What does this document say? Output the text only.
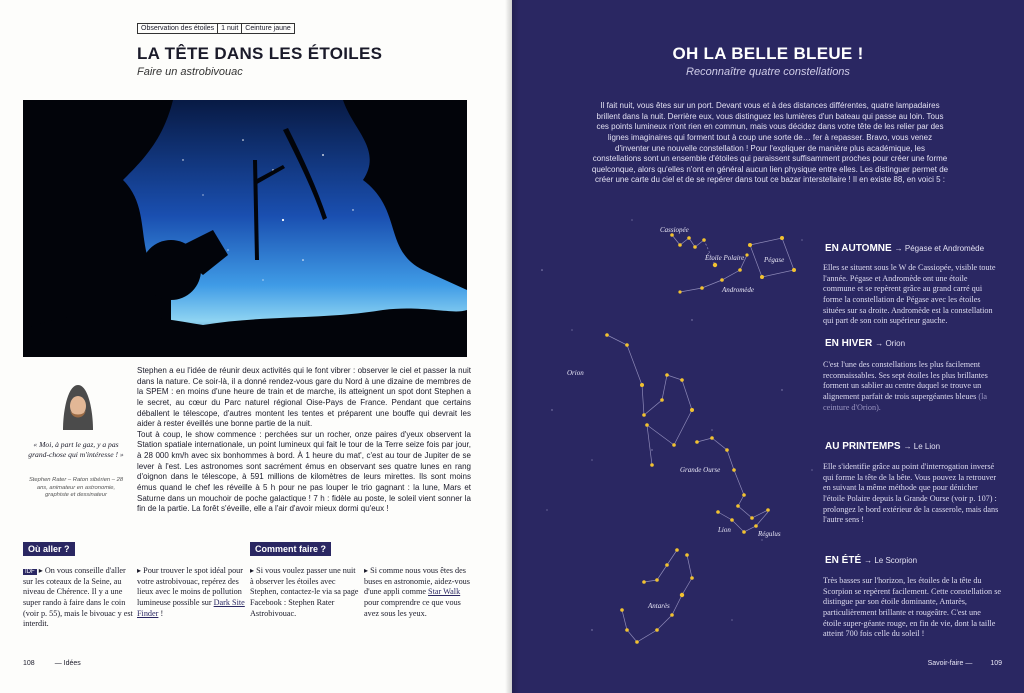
Observation des étoiles	1 nuit	Ceinture jaune
LA TÊTE DANS LES ÉTOILES
Faire un astrobivouac
« Moi, à part le gaz, y a pas grand-chose qui m'intéresse ! »
Stephen Rater – Raton sibérien – 28 ans, animateur en astronomie, graphiste et dessinateur

Stephen a eu l'idée de réunir deux activités qui le font vibrer : observer le ciel et passer la nuit dans la nature. Ce soir-là, il a donné rendez-vous gare du Nord à une dizaine de membres de la SPEM : en moins d'une heure de train et de marche, ils atteignent un spot dont Stephen a le secret, au cœur du Parc naturel régional Oise-Pays de France. Pendant que certains déballent le télescope, d'autres montent les tentes et préparent une bouffe qui devrait les aider à rester éveillés une bonne partie de la nuit.

Tout à coup, le show commence : perchées sur un rocher, onze paires d'yeux observent la Station spatiale internationale, un point lumineux qui fait le tour de la Terre seize fois par jour, à 28 000 km/h avec six bonhommes à bord. À 1 heure du mat', c'est au tour de Jupiter de se lever à l'est. Les astronomes sont sacrément émus en observant ses quatre lunes en rang d'oignon dans le télescope, à 591 millions de kilomètres de leurs mirettes. Ils sont moins émus quand le chef les réveille à 5 h pour ne pas louper le trio gagnant : la lune, Mars et Saturne dans un mouchoir de poche galactique ! 7 h : fidèle au poste, le soleil vient sonner la fin de la partie. La forêt s'éveille, elle a l'air d'avoir mieux dormi qu'eux !

Où aller ?
IDF ▸ On vous conseille d'aller sur les coteaux de la Seine, au niveau de Chérence. Il y a une super rando à faire dans le coin (voir p. 55), mais le bivouac y est interdit.
▸ Pour trouver le spot idéal pour votre astrobivouac, repérez des lieux avec le moins de pollution lumineuse possible sur Dark Site Finder !
Comment faire ?
▸ Si vous voulez passer une nuit à observer les étoiles avec Stephen, contactez-le via sa page Facebook : Stephen Rater Astrobivouac.
▸ Si comme nous vous êtes des buses en astronomie, aidez-vous d'une appli comme Star Walk pour comprendre ce que vous avez sous les yeux.
108	— Idées
OH LA BELLE BLEUE !
Reconnaître quatre constellations
Il fait nuit, vous êtes sur un port. Devant vous et à des distances différentes, quatre lampadaires brillent dans la nuit. Derrière eux, vous distinguez les lumières d'un bateau qui passe au loin. Tous ces points lumineux n'ont rien en commun, mais vous décidez dans votre tête de les relier par des lignes imaginaires qui forment tout à coup une sorte de… fer à repasser. Bravo, vous venez d'inventer une nouvelle constellation ! Pour l'expliquer de manière plus académique, les constellations sont un ensemble d'étoiles qui paraissent suffisamment proches pour créer une forme quelconque, alors qu'elles n'ont en général aucun lien physique entre elles. Les distinguer permet de créer une carte du ciel et de se repérer dans tout ce bazar interstellaire ! Il en existe 88, en voici 5 :
Cassiopée
Étoile Polaire	Pégase
Andromède
Orion
Grande Ourse
Lion	Régulus
Antarès
EN AUTOMNE → Pégase et Andromède
Elles se situent sous le W de Cassiopée, visible toute l'année. Pégase et Andromède ont une étoile commune et se repèrent grâce au grand carré qui forme la constellation de Pégase avec les étoiles situées sur sa droite. Andromède est la constellation qui part de son coin supérieur gauche.
EN HIVER → Orion
C'est l'une des constellations les plus facilement reconnaissables. Ses sept étoiles les plus brillantes forment un sablier au centre duquel se trouve un alignement parfait de trois supergéantes bleues (la ceinture d'Orion).
AU PRINTEMPS → Le Lion
Elle s'identifie grâce au point d'interrogation inversé qui forme la tête de la bête. Vous pouvez la retrouver en suivant la même méthode que pour dénicher l'étoile Polaire depuis la Grande Ourse (voir p. 107) : prolongez le bord extérieur de la casserole, mais dans l'autre sens !
EN ÉTÉ → Le Scorpion
Très basses sur l'horizon, les étoiles de la tête du Scorpion se repèrent facilement. Cette constellation se distingue par son étoile dominante, Antarès, particulièrement brillante et rougeâtre. C'est une étoile super-géante rouge, en fin de vie, dont la taille atteint 700 fois celle du soleil !
Savoir-faire —	109
